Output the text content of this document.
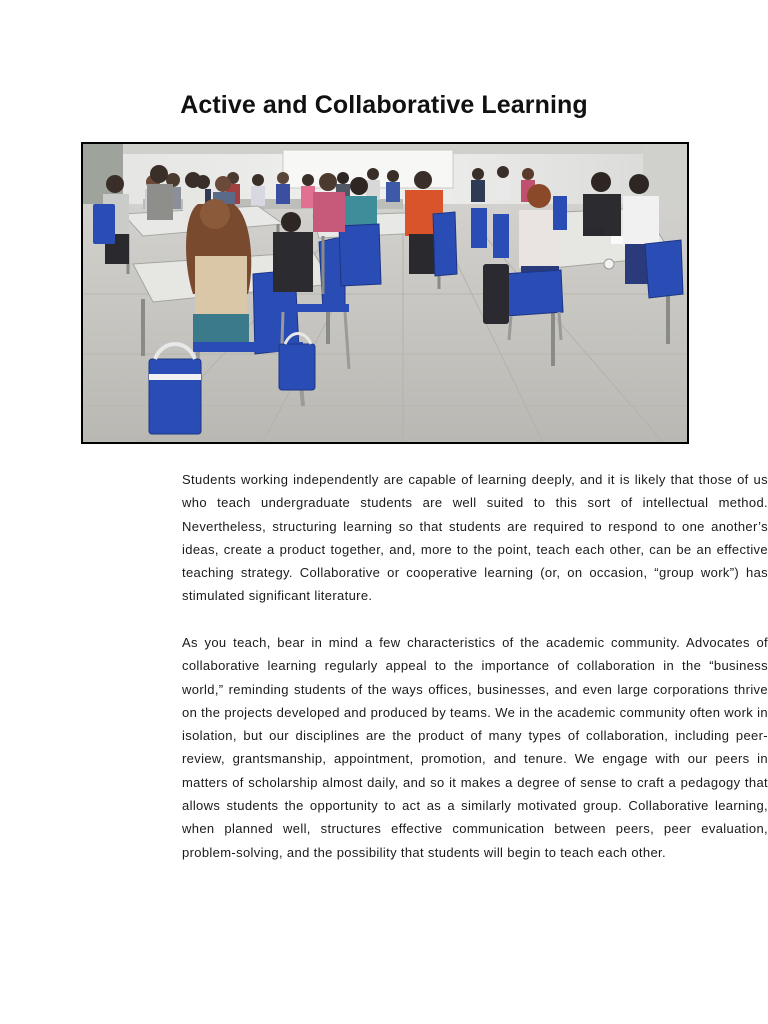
Active and Collaborative Learning

Students working independently are capable of learning deeply, and it is likely that those of us who teach undergraduate students are well suited to this sort of intellectual method. Nevertheless, structuring learning so that students are required to respond to one another’s ideas, create a product together, and, more to the point, teach each other, can be an effective teaching strategy. Collaborative or cooperative learning (or, on occasion, “group work”) has stimulated significant literature.

As you teach, bear in mind a few characteristics of the academic community. Advocates of collaborative learning regularly appeal to the importance of collaboration in the “business world,” reminding students of the ways offices, businesses, and even large corporations thrive on the projects developed and produced by teams. We in the academic community often work in isolation, but our disciplines are the product of many types of collaboration, including peer-review, grantsmanship, appointment, promotion, and tenure. We engage with our peers in matters of scholarship almost daily, and so it makes a degree of sense to craft a pedagogy that allows students the opportunity to act as a similarly motivated group. Collaborative learning, when planned well, structures effective communication between peers, peer evaluation, problem-solving, and the possibility that students will begin to teach each other.
